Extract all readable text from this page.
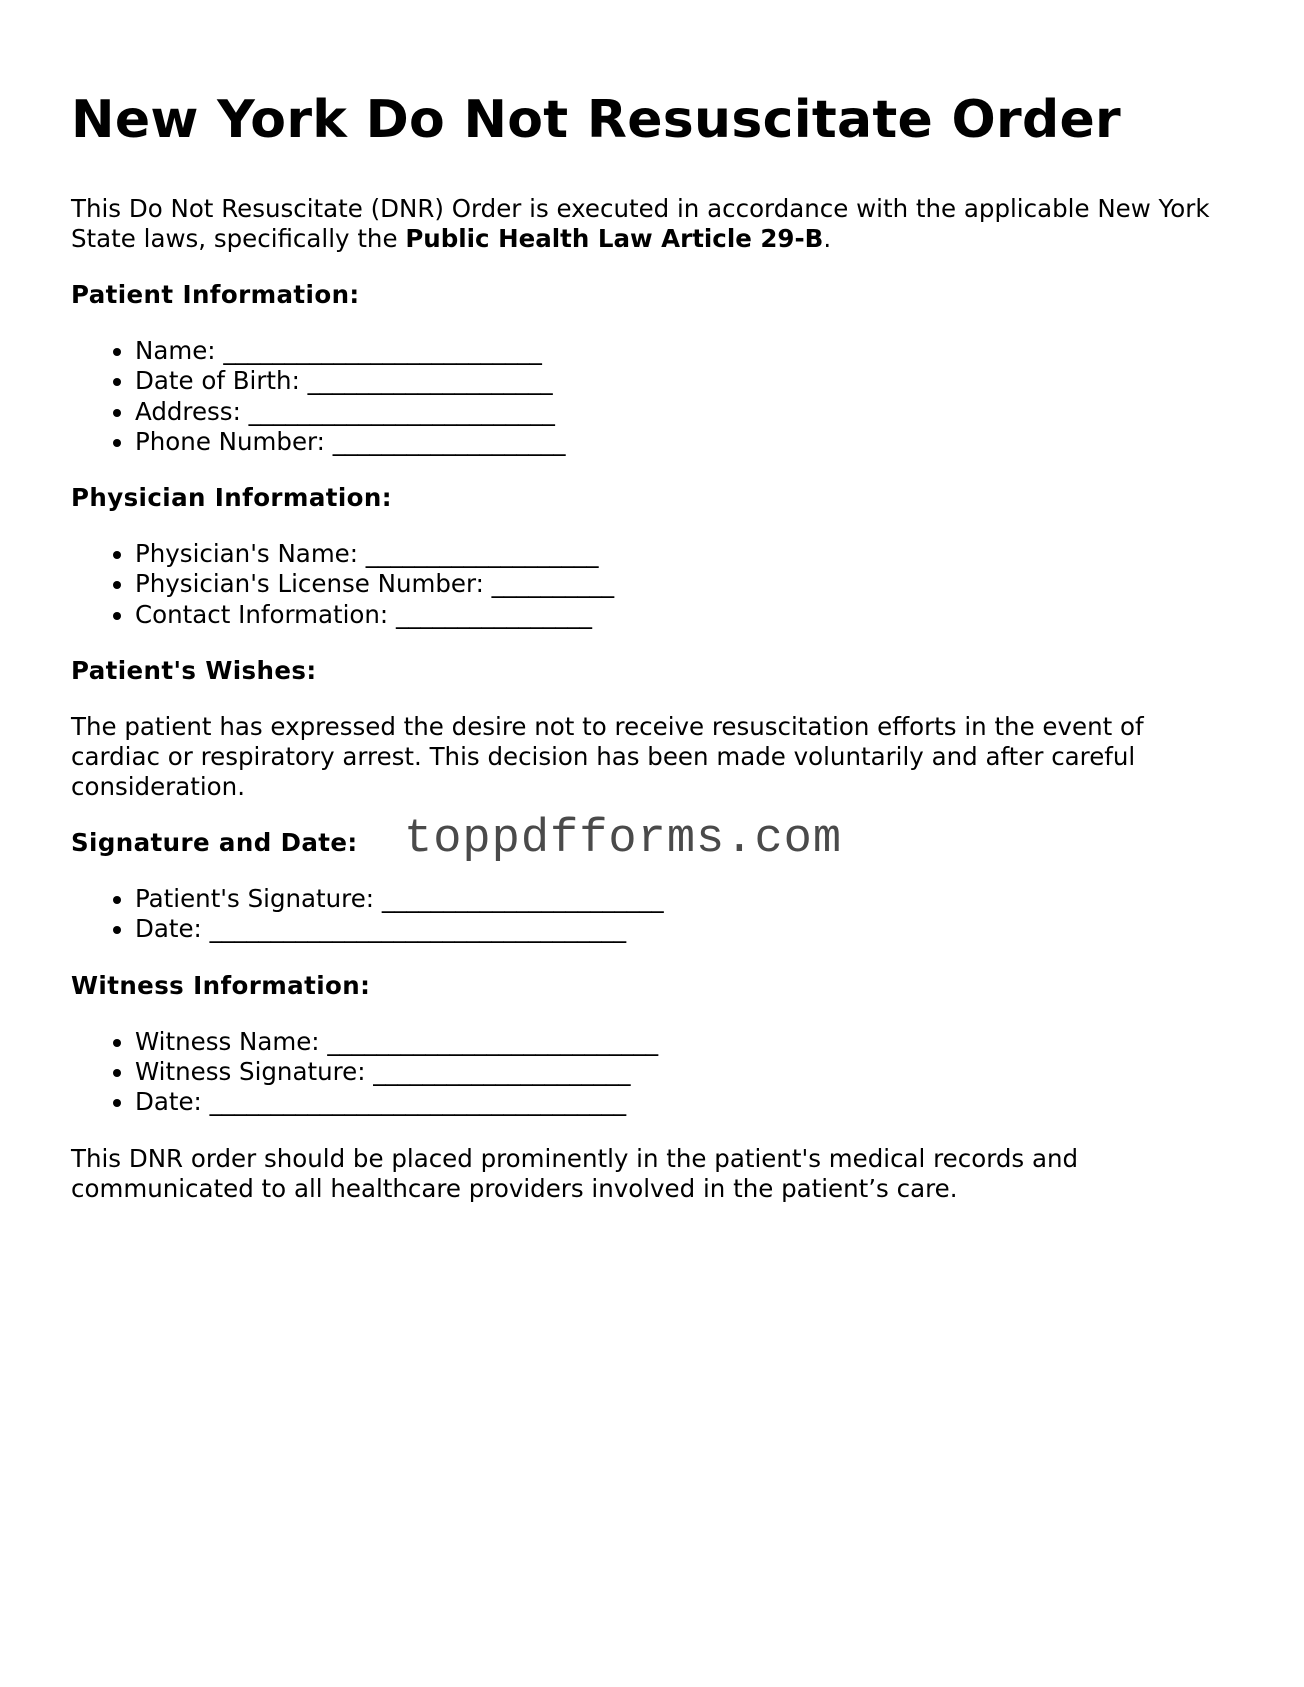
New York Do Not Resuscitate Order

This Do Not Resuscitate (DNR) Order is executed in accordance with the applicable New York State laws, specifically the Public Health Law Article 29-B.

Patient Information:

• Name: __________________________
• Date of Birth: ____________________
• Address: _________________________
• Phone Number: ___________________

Physician Information:

• Physician's Name: ___________________
• Physician's License Number: __________
• Contact Information: ________________

Patient's Wishes:

The patient has expressed the desire not to receive resuscitation efforts in the event of cardiac or respiratory arrest. This decision has been made voluntarily and after careful consideration.

Signature and Date: toppdfforms.com
• Patient's Signature: _______________________
• Date: __________________________________

Witness Information:

• Witness Name: ___________________________
• Witness Signature: _____________________
• Date: __________________________________

This DNR order should be placed prominently in the patient's medical records and communicated to all healthcare providers involved in the patient’s care.
